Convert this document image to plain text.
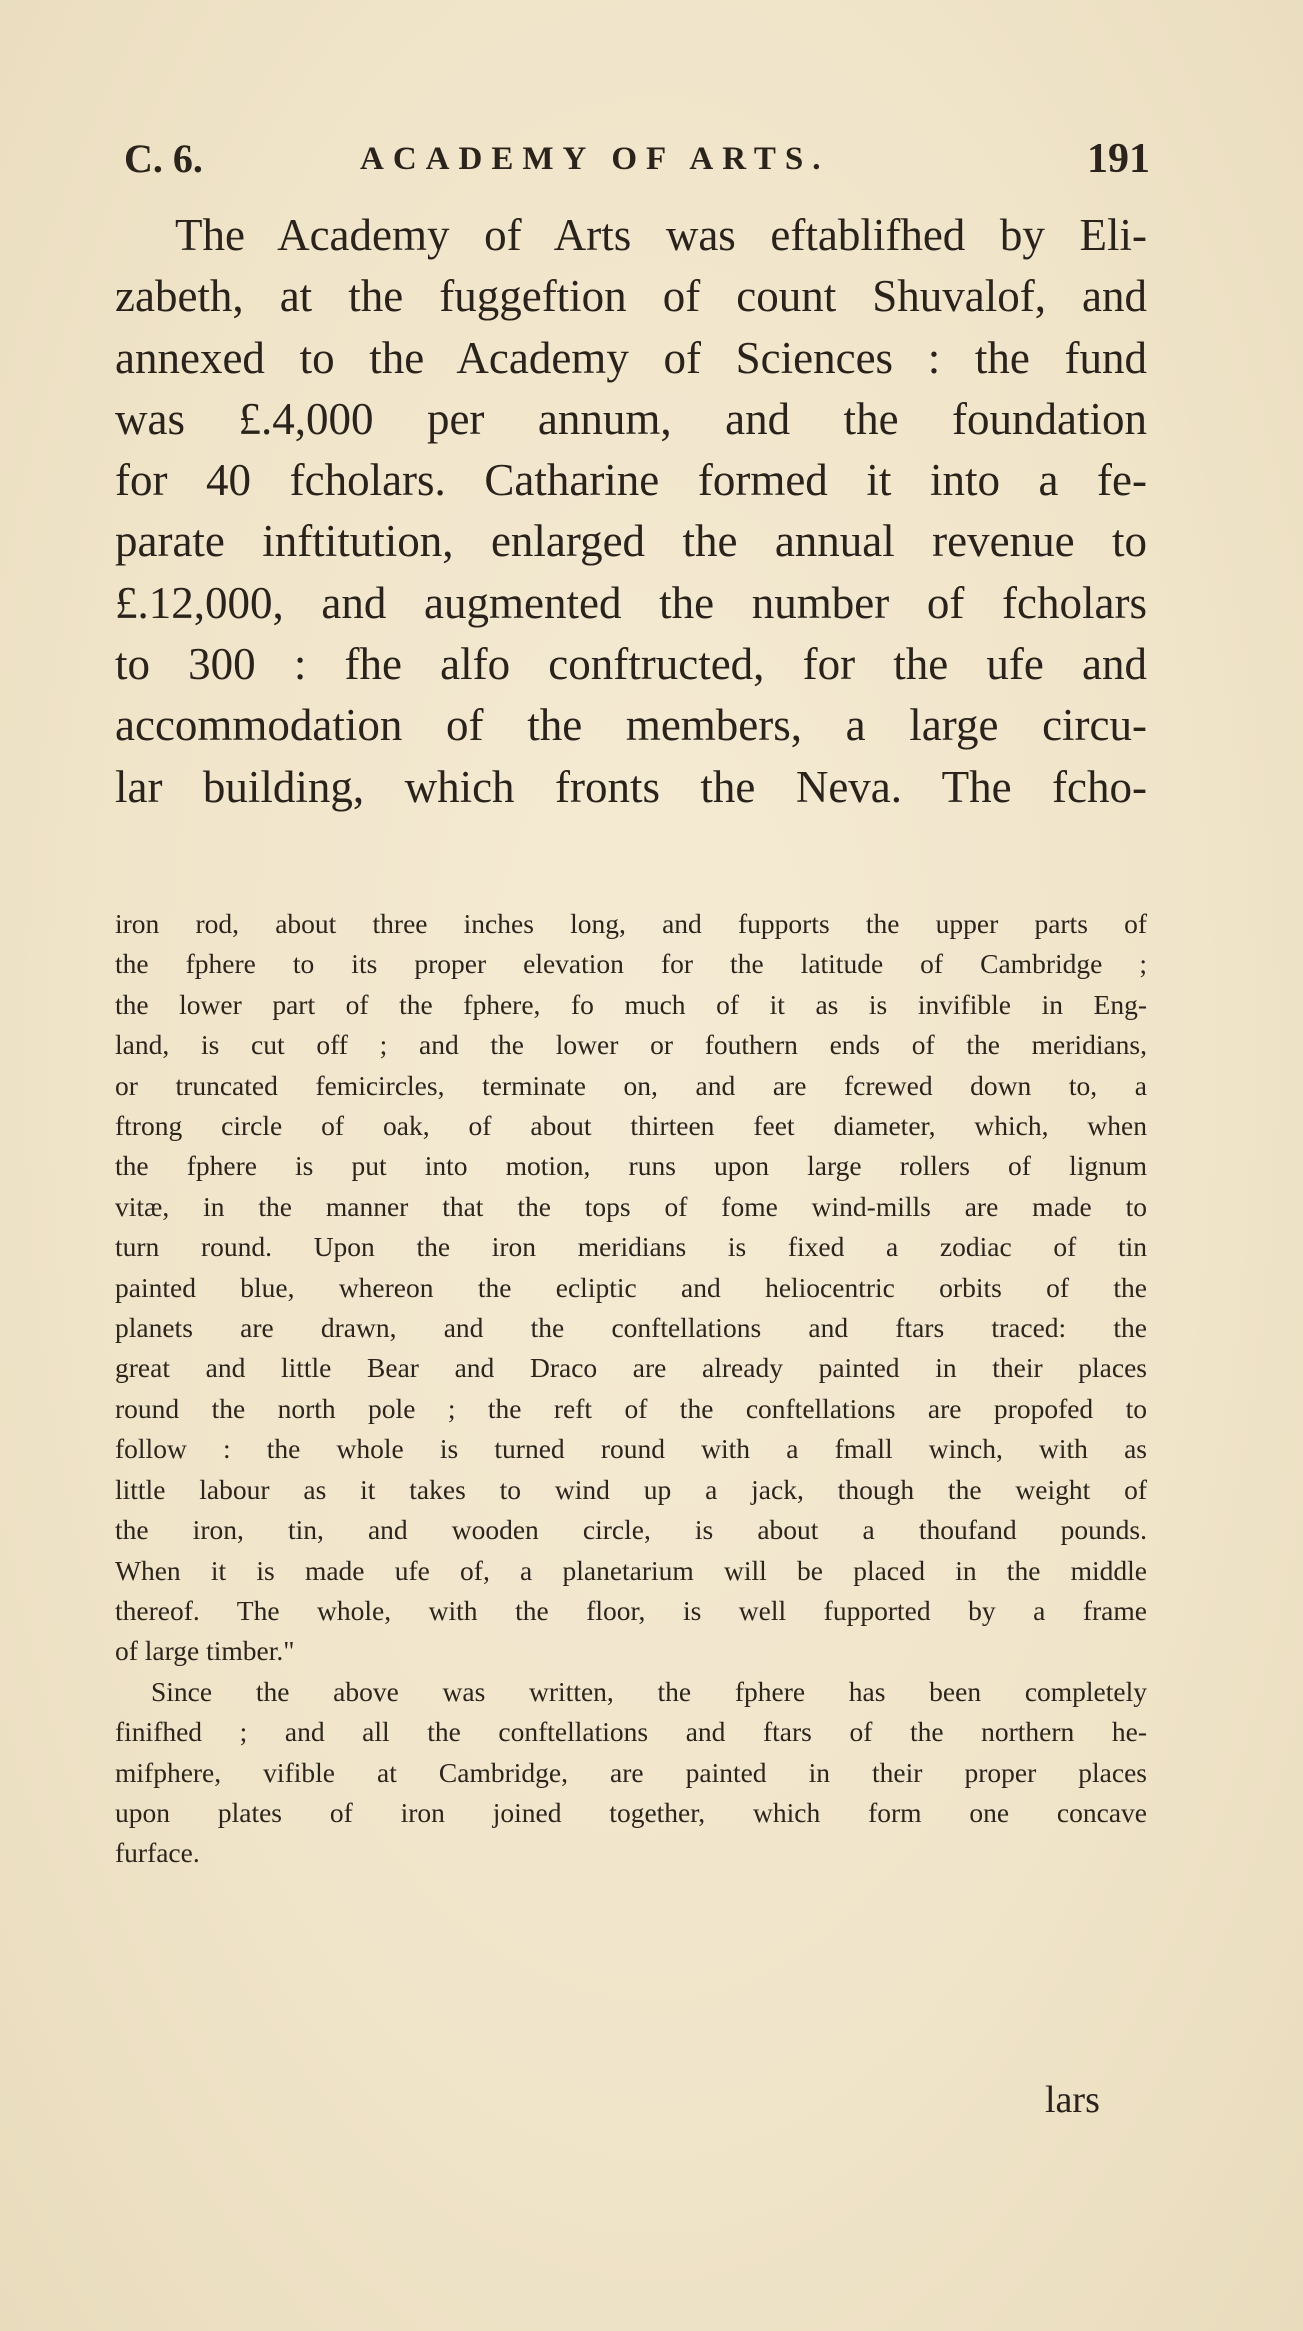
C. 6.	ACADEMY OF ARTS.	191
The Academy of Arts was eftablifhed by Eli-
zabeth, at the fuggeftion of count Shuvalof, and
annexed to the Academy of Sciences : the fund
was £.4,000 per annum, and the foundation
for 40 fcholars. Catharine formed it into a fe-
parate inftitution, enlarged the annual revenue to
£.12,000, and augmented the number of fcholars
to 300 : fhe alfo conftructed, for the ufe and
accommodation of the members, a large circu-
lar building, which fronts the Neva. The fcho-
iron rod, about three inches long, and fupports the upper parts of
the fphere to its proper elevation for the latitude of Cambridge ;
the lower part of the fphere, fo much of it as is invifible in Eng-
land, is cut off ; and the lower or fouthern ends of the meridians,
or truncated femicircles, terminate on, and are fcrewed down to, a
ftrong circle of oak, of about thirteen feet diameter, which, when
the fphere is put into motion, runs upon large rollers of lignum
vitæ, in the manner that the tops of fome wind-mills are made to
turn round. Upon the iron meridians is fixed a zodiac of tin
painted blue, whereon the ecliptic and heliocentric orbits of the
planets are drawn, and the conftellations and ftars traced: the
great and little Bear and Draco are already painted in their places
round the north pole ; the reft of the conftellations are propofed to
follow : the whole is turned round with a fmall winch, with as
little labour as it takes to wind up a jack, though the weight of
the iron, tin, and wooden circle, is about a thoufand pounds.
When it is made ufe of, a planetarium will be placed in the middle
thereof. The whole, with the floor, is well fupported by a frame
of large timber."
Since the above was written, the fphere has been completely
finifhed ; and all the conftellations and ftars of the northern he-
mifphere, vifible at Cambridge, are painted in their proper places
upon plates of iron joined together, which form one concave
furface.
lars
